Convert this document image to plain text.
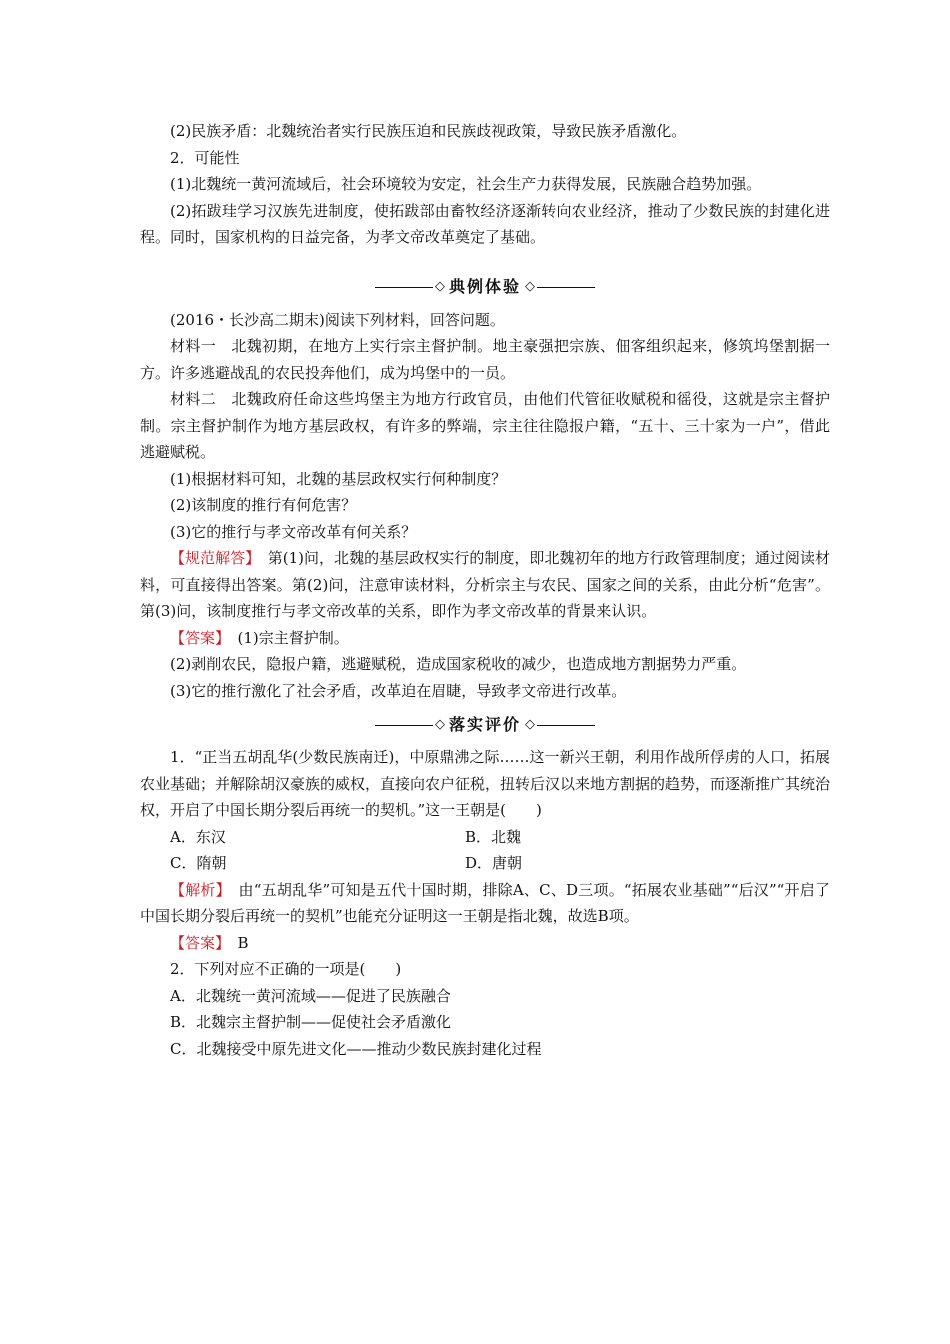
(2)民族矛盾：北魏统治者实行民族压迫和民族歧视政策，导致民族矛盾激化。

2．可能性

(1)北魏统一黄河流域后，社会环境较为安定，社会生产力获得发展，民族融合趋势加强。

(2)拓跋珪学习汉族先进制度，使拓跋部由畜牧经济逐渐转向农业经济，推动了少数民族的封建化进程。同时，国家机构的日益完备，为孝文帝改革奠定了基础。

◇ 典例体验 ◇

(2016・长沙高二期末)阅读下列材料，回答问题。

材料一　北魏初期，在地方上实行宗主督护制。地主豪强把宗族、佃客组织起来，修筑坞堡割据一方。许多逃避战乱的农民投奔他们，成为坞堡中的一员。

材料二　北魏政府任命这些坞堡主为地方行政官员，由他们代管征收赋税和徭役，这就是宗主督护制。宗主督护制作为地方基层政权，有许多的弊端，宗主往往隐报户籍，“五十、三十家为一户”，借此逃避赋税。

(1)根据材料可知，北魏的基层政权实行何种制度？

(2)该制度的推行有何危害？

(3)它的推行与孝文帝改革有何关系？

【规范解答】　第(1)问，北魏的基层政权实行的制度，即北魏初年的地方行政管理制度；通过阅读材料，可直接得出答案。第(2)问，注意审读材料，分析宗主与农民、国家之间的关系，由此分析“危害”。第(3)问，该制度推行与孝文帝改革的关系，即作为孝文帝改革的背景来认识。

【答案】　(1)宗主督护制。

(2)剥削农民，隐报户籍，逃避赋税，造成国家税收的减少，也造成地方割据势力严重。

(3)它的推行激化了社会矛盾，改革迫在眉睫，导致孝文帝进行改革。

◇ 落实评价 ◇

1．“正当五胡乱华(少数民族南迁)，中原鼎沸之际……这一新兴王朝，利用作战所俘虏的人口，拓展农业基础；并解除胡汉豪族的威权，直接向农户征税，扭转后汉以来地方割据的趋势，而逐渐推广其统治权，开启了中国长期分裂后再统一的契机。”这一王朝是(　　)

A．东汉	B．北魏
C．隋朝	D．唐朝

【解析】　由“五胡乱华”可知是五代十国时期，排除A、C、D三项。“拓展农业基础”“后汉”“开启了中国长期分裂后再统一的契机”也能充分证明这一王朝是指北魏，故选B项。

【答案】　B

2．下列对应不正确的一项是(　　)

A．北魏统一黄河流域——促进了民族融合

B．北魏宗主督护制——促使社会矛盾激化

C．北魏接受中原先进文化——推动少数民族封建化过程
